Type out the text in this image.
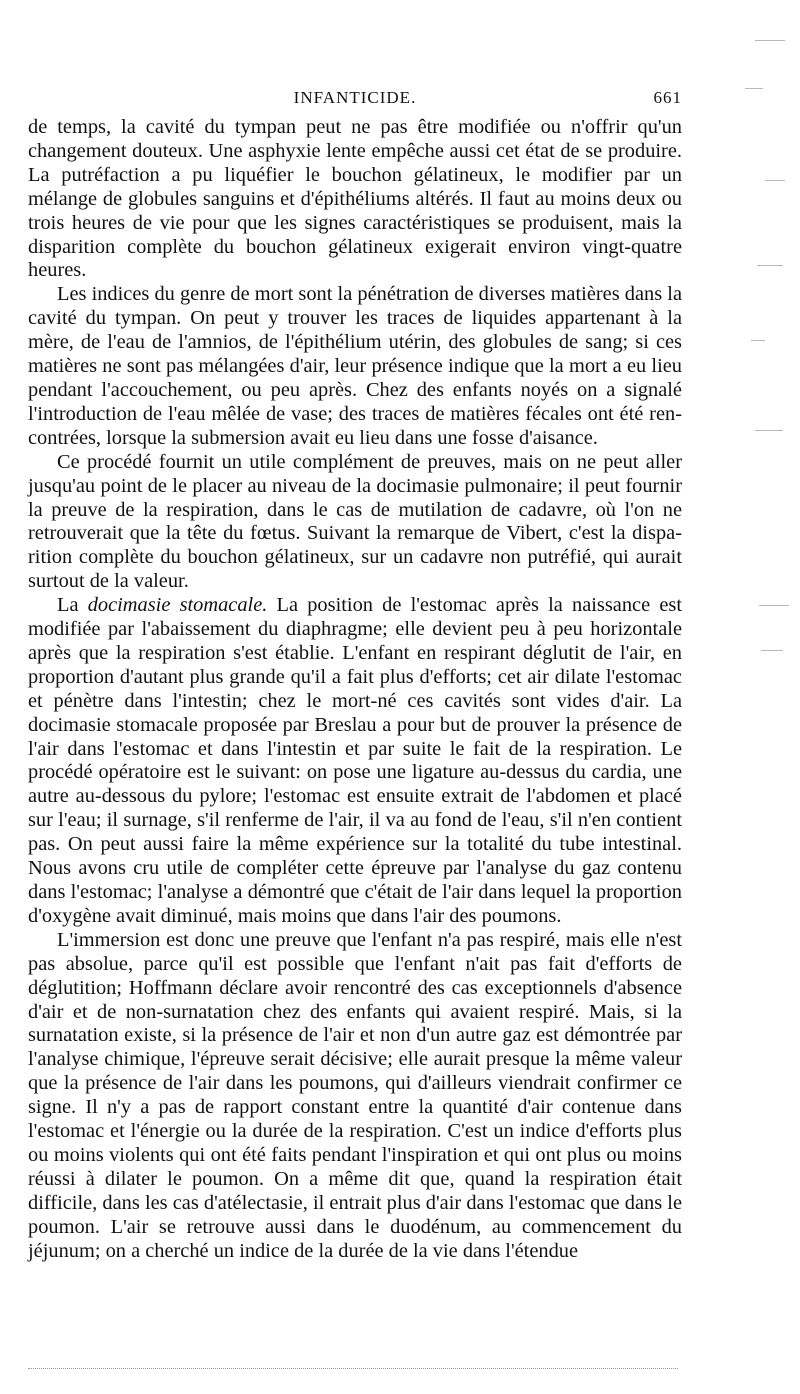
INFANTICIDE.	661

de temps, la cavité du tympan peut ne pas être modifiée ou n'offrir qu'un changement douteux. Une asphyxie lente empêche aussi cet état de se produire. La putréfaction a pu liquéfier le bouchon gélatineux, le modifier par un mélange de globules sanguins et d'épithéliums altérés. Il faut au moins deux ou trois heures de vie pour que les signes caractéristiques se produisent, mais la disparition complète du bouchon gélatineux exigerait environ vingt-quatre heures.

Les indices du genre de mort sont la pénétration de diverses matières dans la cavité du tympan. On peut y trouver les traces de liquides appartenant à la mère, de l'eau de l'amnios, de l'épithélium utérin, des globules de sang; si ces matières ne sont pas mélangées d'air, leur présence indique que la mort a eu lieu pendant l'accouchement, ou peu après. Chez des enfants noyés on a signalé l'introduction de l'eau mêlée de vase; des traces de matières fécales ont été rencontrées, lorsque la submersion avait eu lieu dans une fosse d'aisance.

Ce procédé fournit un utile complément de preuves, mais on ne peut aller jusqu'au point de le placer au niveau de la docimasie pulmonaire; il peut fournir la preuve de la respiration, dans le cas de mutilation de cadavre, où l'on ne retrouverait que la tête du fœtus. Suivant la remarque de Vibert, c'est la disparition complète du bouchon gélatineux, sur un cadavre non putréfié, qui aurait surtout de la valeur.

La docimasie stomacale. La position de l'estomac après la naissance est modifiée par l'abaissement du diaphragme; elle devient peu à peu horizontale après que la respiration s'est établie. L'enfant en respirant déglutit de l'air, en proportion d'autant plus grande qu'il a fait plus d'efforts; cet air dilate l'estomac et pénètre dans l'intestin; chez le mort-né ces cavités sont vides d'air. La docimasie stomacale proposée par Breslau a pour but de prouver la présence de l'air dans l'estomac et dans l'intestin et par suite le fait de la respiration. Le procédé opératoire est le suivant: on pose une ligature au-dessus du cardia, une autre au-dessous du pylore; l'estomac est ensuite extrait de l'abdomen et placé sur l'eau; il surnage, s'il renferme de l'air, il va au fond de l'eau, s'il n'en contient pas. On peut aussi faire la même expérience sur la totalité du tube intestinal. Nous avons cru utile de compléter cette épreuve par l'analyse du gaz contenu dans l'estomac; l'analyse a démontré que c'était de l'air dans lequel la proportion d'oxygène avait diminué, mais moins que dans l'air des poumons.

L'immersion est donc une preuve que l'enfant n'a pas respiré, mais elle n'est pas absolue, parce qu'il est possible que l'enfant n'ait pas fait d'efforts de déglutition; Hoffmann déclare avoir rencontré des cas exceptionnels d'absence d'air et de non-surnatation chez des enfants qui avaient respiré. Mais, si la surnatation existe, si la présence de l'air et non d'un autre gaz est démontrée par l'analyse chimique, l'épreuve serait décisive; elle aurait presque la même valeur que la présence de l'air dans les poumons, qui d'ailleurs viendrait confirmer ce signe. Il n'y a pas de rapport constant entre la quantité d'air contenue dans l'estomac et l'énergie ou la durée de la respiration. C'est un indice d'efforts plus ou moins violents qui ont été faits pendant l'inspiration et qui ont plus ou moins réussi à dilater le poumon. On a même dit que, quand la respiration était difficile, dans les cas d'atélectasie, il entrait plus d'air dans l'estomac que dans le poumon. L'air se retrouve aussi dans le duodénum, au commencement du jéjunum; on a cherché un indice de la durée de la vie dans l'étendue
